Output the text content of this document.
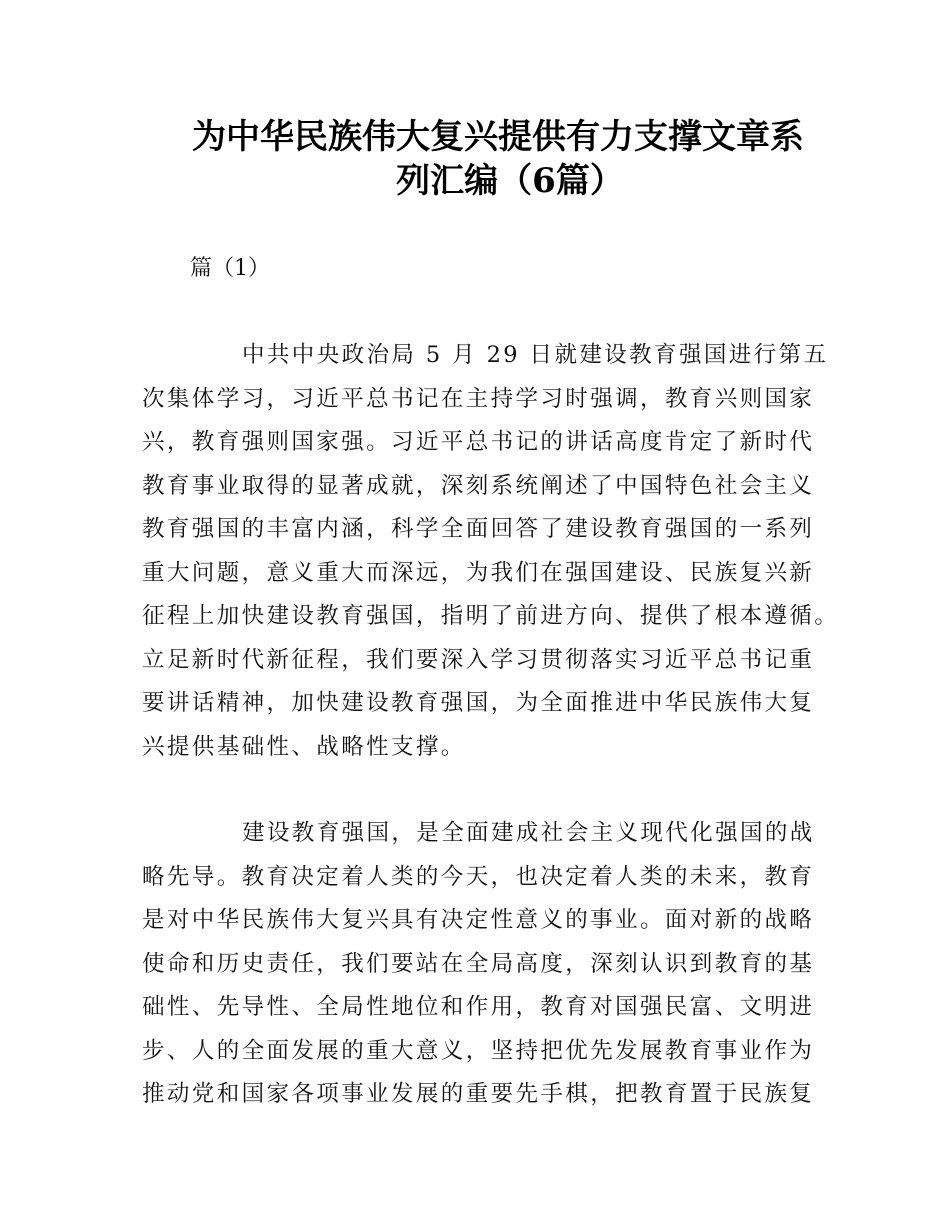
为中华民族伟大复兴提供有力支撑文章系
列汇编（6篇）
篇（1）
中共中央政治局 5 月 29 日就建设教育强国进行第五
次集体学习，习近平总书记在主持学习时强调，教育兴则国家
兴，教育强则国家强。习近平总书记的讲话高度肯定了新时代
教育事业取得的显著成就，深刻系统阐述了中国特色社会主义
教育强国的丰富内涵，科学全面回答了建设教育强国的一系列
重大问题，意义重大而深远，为我们在强国建设、民族复兴新
征程上加快建设教育强国，指明了前进方向、提供了根本遵循。
立足新时代新征程，我们要深入学习贯彻落实习近平总书记重
要讲话精神，加快建设教育强国，为全面推进中华民族伟大复
兴提供基础性、战略性支撑。
建设教育强国，是全面建成社会主义现代化强国的战
略先导。教育决定着人类的今天，也决定着人类的未来，教育
是对中华民族伟大复兴具有决定性意义的事业。面对新的战略
使命和历史责任，我们要站在全局高度，深刻认识到教育的基
础性、先导性、全局性地位和作用，教育对国强民富、文明进
步、人的全面发展的重大意义，坚持把优先发展教育事业作为
推动党和国家各项事业发展的重要先手棋，把教育置于民族复
